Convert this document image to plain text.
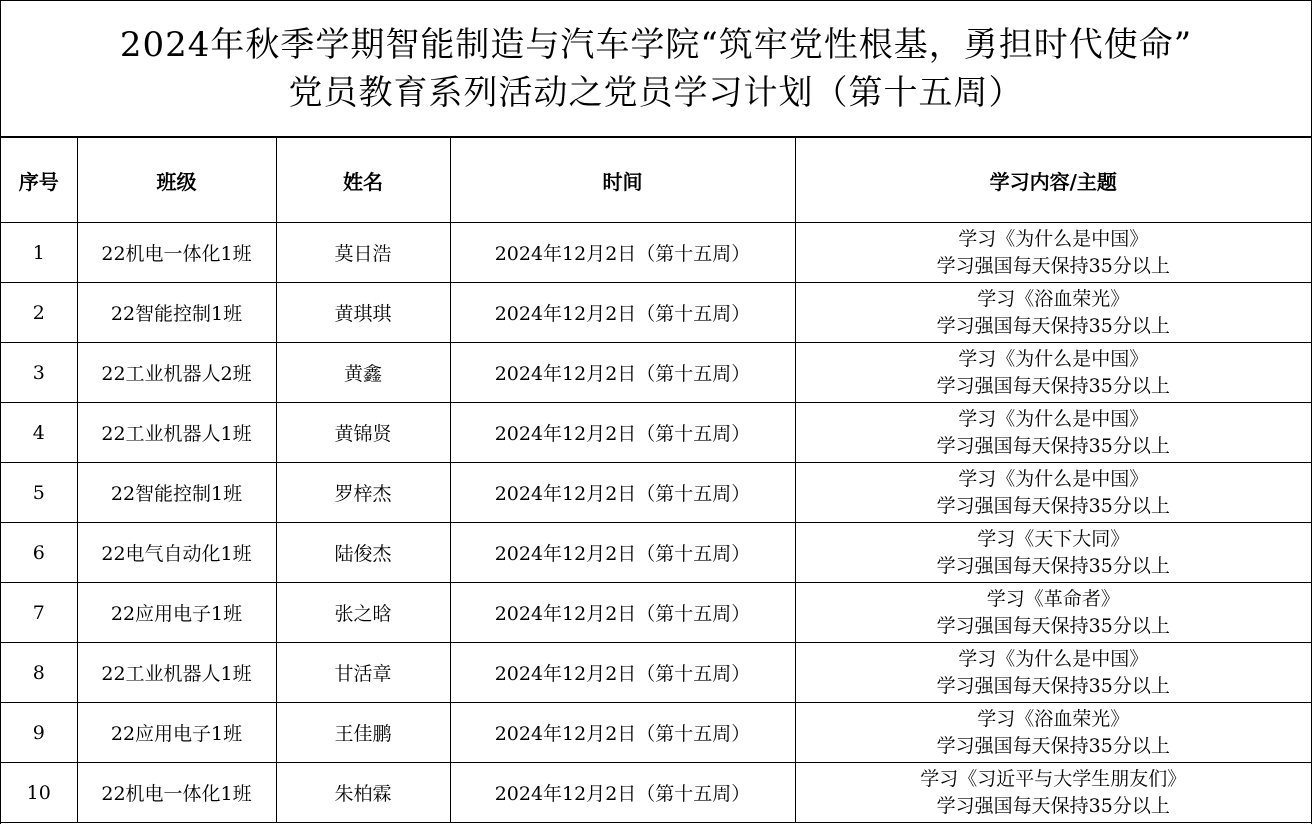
2024年秋季学期智能制造与汽车学院“筑牢党性根基，勇担时代使命”
党员教育系列活动之党员学习计划（第十五周）
序号	班级	姓名	时间	学习内容/主题
1	22机电一体化1班	莫日浩	2024年12月2日（第十五周）	学习《为什么是中国》
学习强国每天保持35分以上

2	22智能控制1班	黄琪琪	2024年12月2日（第十五周）	学习《浴血荣光》
学习强国每天保持35分以上

3	22工业机器人2班	黄鑫	2024年12月2日（第十五周）	学习《为什么是中国》
学习强国每天保持35分以上

4	22工业机器人1班	黄锦贤	2024年12月2日（第十五周）	学习《为什么是中国》
学习强国每天保持35分以上

5	22智能控制1班	罗梓杰	2024年12月2日（第十五周）	学习《为什么是中国》
学习强国每天保持35分以上

6	22电气自动化1班	陆俊杰	2024年12月2日（第十五周）	学习《天下大同》
学习强国每天保持35分以上

7	22应用电子1班	张之晗	2024年12月2日（第十五周）	学习《革命者》
学习强国每天保持35分以上

8	22工业机器人1班	甘活章	2024年12月2日（第十五周）	学习《为什么是中国》
学习强国每天保持35分以上

9	22应用电子1班	王佳鹏	2024年12月2日（第十五周）	学习《浴血荣光》
学习强国每天保持35分以上

10	22机电一体化1班	朱柏霖	2024年12月2日（第十五周）	学习《习近平与大学生朋友们》
学习强国每天保持35分以上
